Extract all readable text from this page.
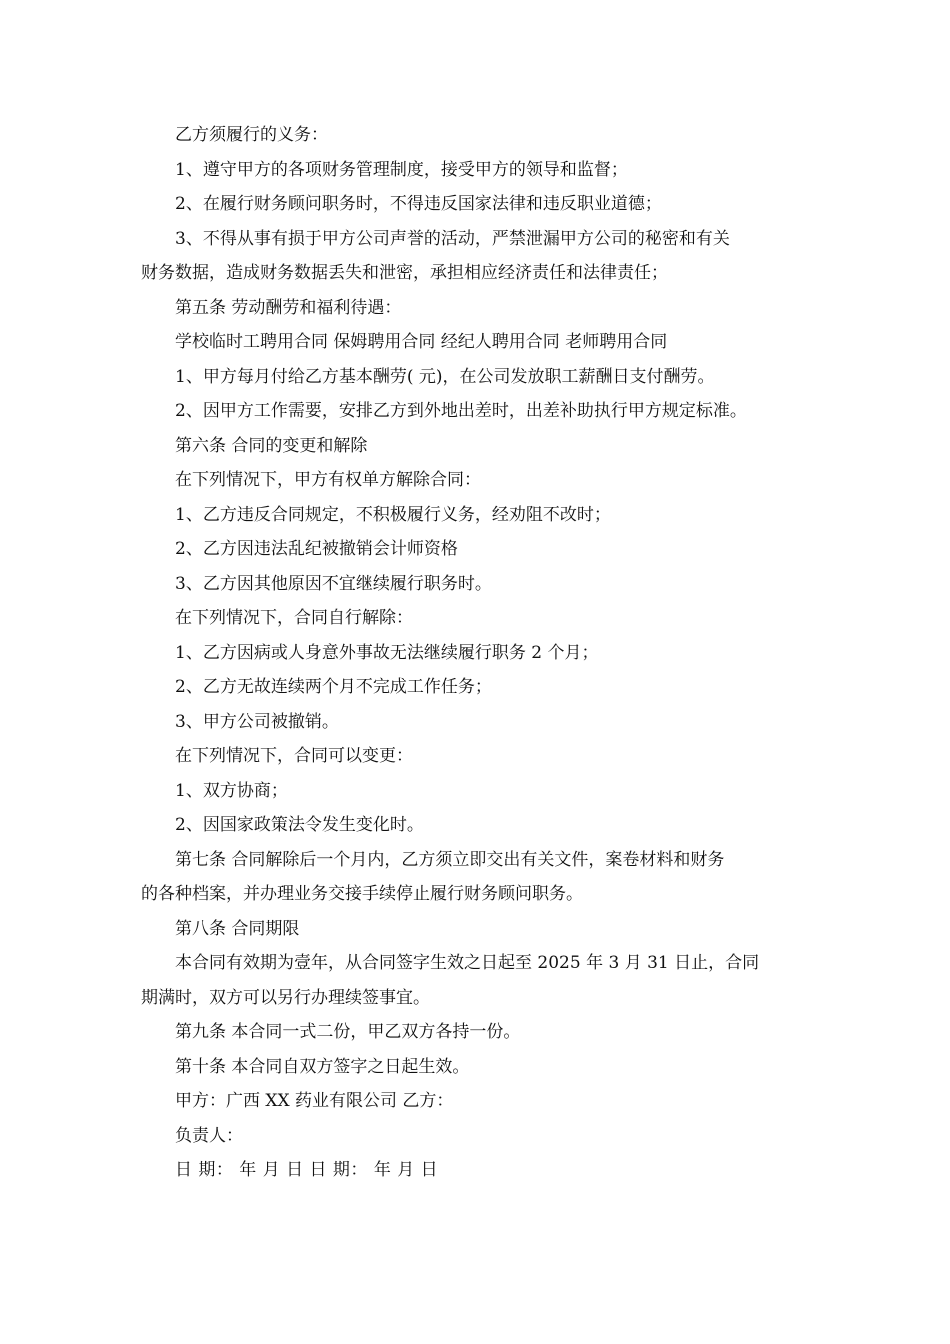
乙方须履行的义务：
1、遵守甲方的各项财务管理制度，接受甲方的领导和监督；
2、在履行财务顾问职务时，不得违反国家法律和违反职业道德；
3、不得从事有损于甲方公司声誉的活动，严禁泄漏甲方公司的秘密和有关
财务数据，造成财务数据丢失和泄密，承担相应经济责任和法律责任；
第五条 劳动酬劳和福利待遇：
学校临时工聘用合同 保姆聘用合同 经纪人聘用合同 老师聘用合同
1、甲方每月付给乙方基本酬劳( 元)，在公司发放职工薪酬日支付酬劳。
2、因甲方工作需要，安排乙方到外地出差时，出差补助执行甲方规定标准。
第六条 合同的变更和解除
在下列情况下，甲方有权单方解除合同：
1、乙方违反合同规定，不积极履行义务，经劝阻不改时；
2、乙方因违法乱纪被撤销会计师资格
3、乙方因其他原因不宜继续履行职务时。
在下列情况下，合同自行解除：
1、乙方因病或人身意外事故无法继续履行职务 2 个月；
2、乙方无故连续两个月不完成工作任务；
3、甲方公司被撤销。
在下列情况下，合同可以变更：
1、双方协商；
2、因国家政策法令发生变化时。
第七条 合同解除后一个月内，乙方须立即交出有关文件，案卷材料和财务
的各种档案，并办理业务交接手续停止履行财务顾问职务。
第八条 合同期限
本合同有效期为壹年，从合同签字生效之日起至 2025 年 3 月 31 日止，合同
期满时，双方可以另行办理续签事宜。
第九条 本合同一式二份，甲乙双方各持一份。
第十条 本合同自双方签字之日起生效。
甲方：广西 XX 药业有限公司 乙方：
负责人：
日 期： 年 月 日 日 期： 年 月 日
